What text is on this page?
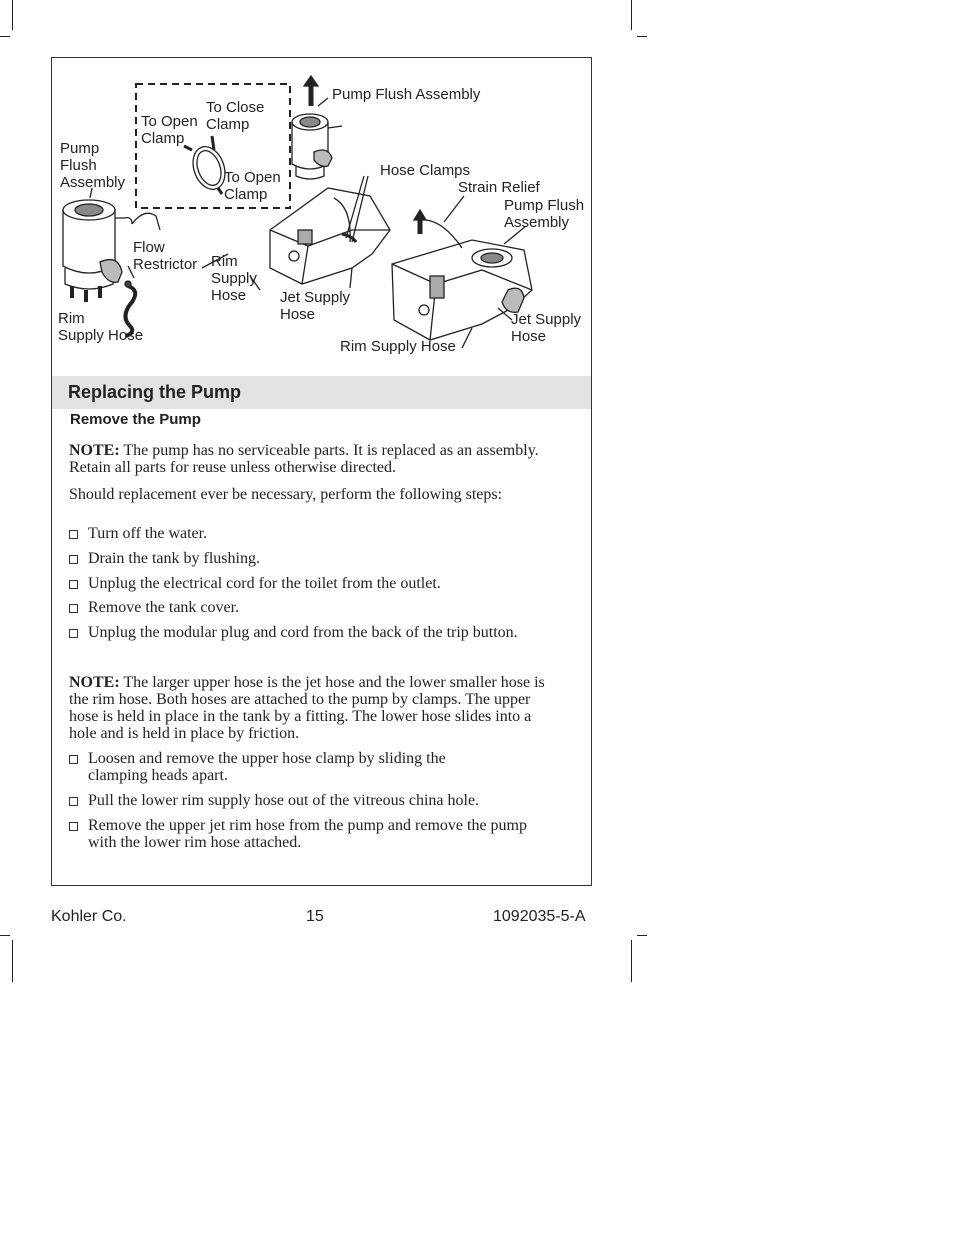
To Close
Clamp
To Open
Clamp
To Open
Clamp
Pump Flush Assembly
Pump
Flush
Assembly
Hose Clamps
Strain Relief
Pump Flush
Assembly
Flow
Restrictor Rim
Supply
Hose	Jet Supply
Hose
Rim
Supply Hose
Jet Supply
Hose
Rim Supply Hose
Replacing the Pump
Remove the Pump

NOTE: The pump has no serviceable parts. It is replaced as an assembly. Retain all parts for reuse unless otherwise directed.

Should replacement ever be necessary, perform the following steps:

Turn off the water.
Drain the tank by flushing.
Unplug the electrical cord for the toilet from the outlet.
Remove the tank cover.
Unplug the modular plug and cord from the back of the trip button.

NOTE: The larger upper hose is the jet hose and the lower smaller hose is the rim hose. Both hoses are attached to the pump by clamps. The upper hose is held in place in the tank by a fitting. The lower hose slides into a hole and is held in place by friction.

Loosen and remove the upper hose clamp by sliding the clamping heads apart.
Pull the lower rim supply hose out of the vitreous china hole.
Remove the upper jet rim hose from the pump and remove the pump with the lower rim hose attached.
Kohler Co.	15	1092035-5-A
